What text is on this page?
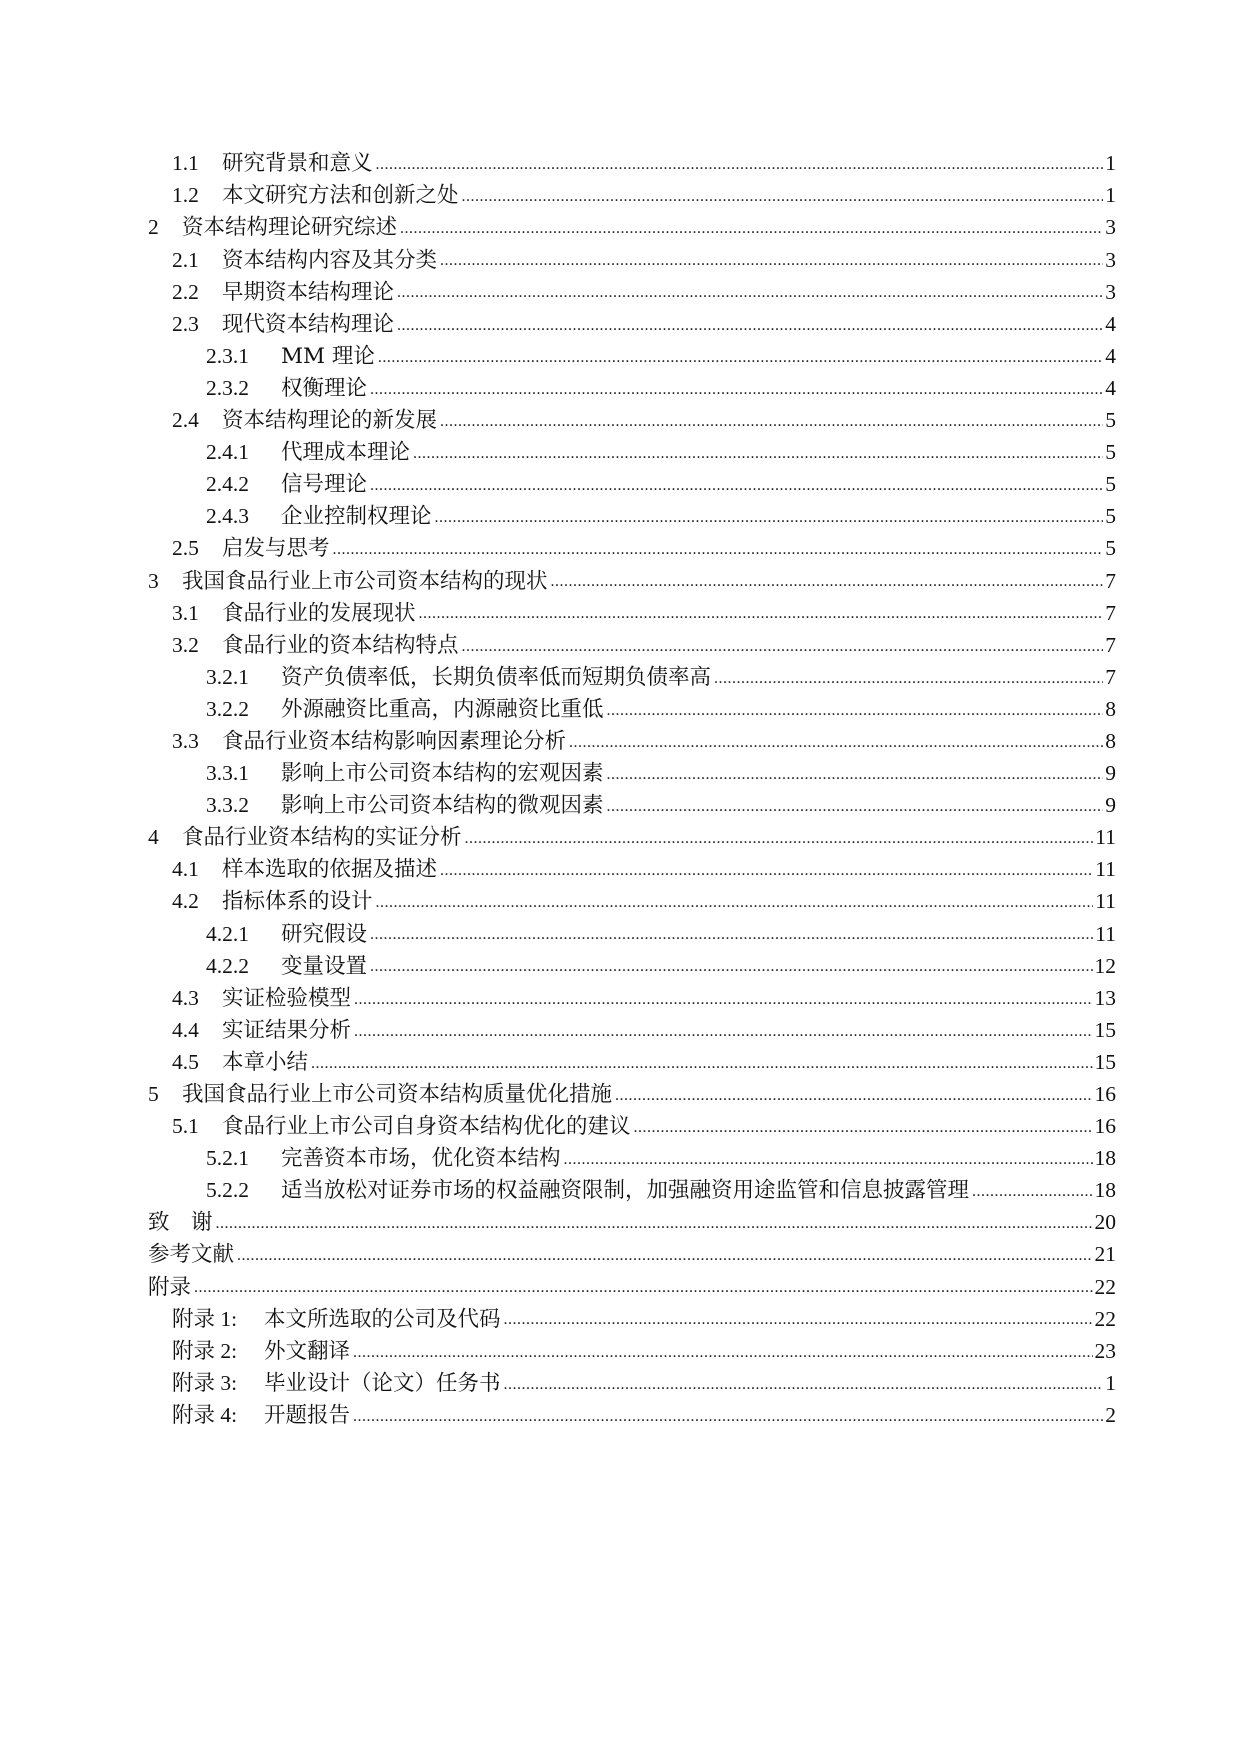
1.1	研究背景和意义 .....	1
1.2	本文研究方法和创新之处 .....	1
2	资本结构理论研究综述 .....	3
2.1	资本结构内容及其分类 .....	3
2.2	早期资本结构理论 .....	3
2.3	现代资本结构理论 .....	4
2.3.1	MM 理论 .....	4
2.3.2	权衡理论 .....	4
2.4	资本结构理论的新发展 .....	5
2.4.1	代理成本理论 .....	5
2.4.2	信号理论 .....	5
2.4.3	企业控制权理论 .....	5
2.5	启发与思考 .....	5
3	我国食品行业上市公司资本结构的现状 .....	7
3.1	食品行业的发展现状 .....	7
3.2	食品行业的资本结构特点 .....	7
3.2.1	资产负债率低，长期负债率低而短期负债率高 .....	7
3.2.2	外源融资比重高，内源融资比重低 .....	8
3.3	食品行业资本结构影响因素理论分析 .....	8
3.3.1	影响上市公司资本结构的宏观因素 .....	9
3.3.2	影响上市公司资本结构的微观因素 .....	9
4	食品行业资本结构的实证分析 .....	11
4.1	样本选取的依据及描述 .....	11
4.2	指标体系的设计 .....	11
4.2.1	研究假设 .....	11
4.2.2	变量设置 .....	12
4.3	实证检验模型 .....	13
4.4	实证结果分析 .....	15
4.5	本章小结 .....	15
5	我国食品行业上市公司资本结构质量优化措施 .....	16
5.1	食品行业上市公司自身资本结构优化的建议 .....	16
5.2.1	完善资本市场，优化资本结构 .....	18
5.2.2	适当放松对证券市场的权益融资限制，加强融资用途监管和信息披露管理 .....	18
致　谢 .....	20
参考文献 .....	21
附录 .....	22
附录 1:	本文所选取的公司及代码 .....	22
附录 2:	外文翻译 .....	23
附录 3:	毕业设计（论文）任务书 .....	1
附录 4:	开题报告 .....	2
